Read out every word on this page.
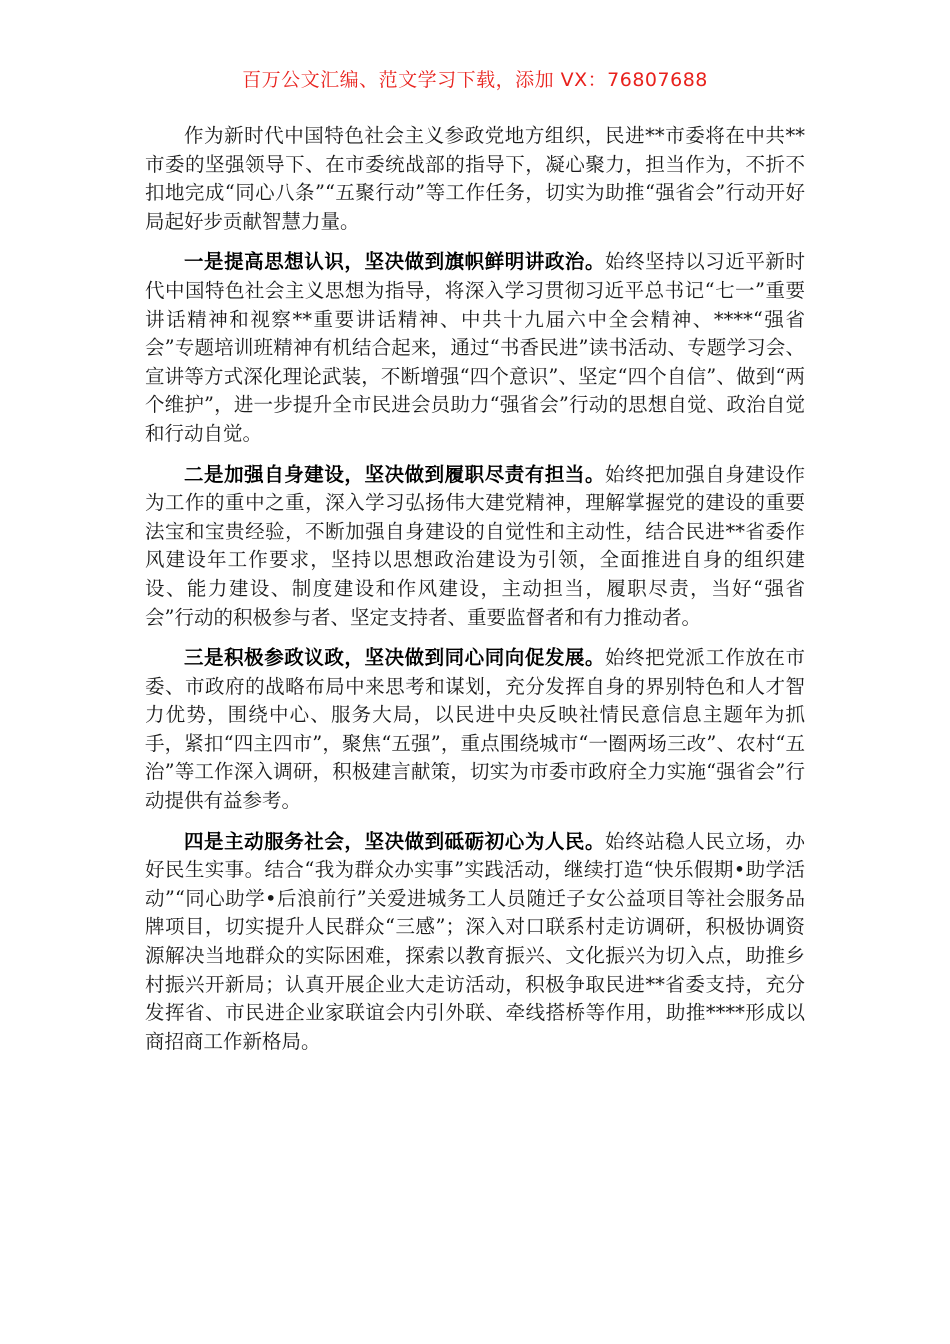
百万公文汇编、范文学习下载，添加 VX：76807688

作为新时代中国特色社会主义参政党地方组织，民进**市委将在中共**市委的坚强领导下、在市委统战部的指导下，凝心聚力，担当作为，不折不扣地完成“同心八条”“五聚行动”等工作任务，切实为助推“强省会”行动开好局起好步贡献智慧力量。

一是提高思想认识，坚决做到旗帜鲜明讲政治。始终坚持以习近平新时代中国特色社会主义思想为指导，将深入学习贯彻习近平总书记“七一”重要讲话精神和视察**重要讲话精神、中共十九届六中全会精神、****“强省会”专题培训班精神有机结合起来，通过“书香民进”读书活动、专题学习会、宣讲等方式深化理论武装，不断增强“四个意识”、坚定“四个自信”、做到“两个维护”，进一步提升全市民进会员助力“强省会”行动的思想自觉、政治自觉和行动自觉。

二是加强自身建设，坚决做到履职尽责有担当。始终把加强自身建设作为工作的重中之重，深入学习弘扬伟大建党精神，理解掌握党的建设的重要法宝和宝贵经验，不断加强自身建设的自觉性和主动性，结合民进**省委作风建设年工作要求，坚持以思想政治建设为引领，全面推进自身的组织建设、能力建设、制度建设和作风建设，主动担当，履职尽责，当好“强省会”行动的积极参与者、坚定支持者、重要监督者和有力推动者。

三是积极参政议政，坚决做到同心同向促发展。始终把党派工作放在市委、市政府的战略布局中来思考和谋划，充分发挥自身的界别特色和人才智力优势，围绕中心、服务大局，以民进中央反映社情民意信息主题年为抓手，紧扣“四主四市”，聚焦“五强”，重点围绕城市“一圈两场三改”、农村“五治”等工作深入调研，积极建言献策，切实为市委市政府全力实施“强省会”行动提供有益参考。

四是主动服务社会，坚决做到砥砺初心为人民。始终站稳人民立场，办好民生实事。结合“我为群众办实事”实践活动，继续打造“快乐假期•助学活动”“同心助学•后浪前行”关爱进城务工人员随迁子女公益项目等社会服务品牌项目，切实提升人民群众“三感”；深入对口联系村走访调研，积极协调资源解决当地群众的实际困难，探索以教育振兴、文化振兴为切入点，助推乡村振兴开新局；认真开展企业大走访活动，积极争取民进**省委支持，充分发挥省、市民进企业家联谊会内引外联、牵线搭桥等作用，助推****形成以商招商工作新格局。
